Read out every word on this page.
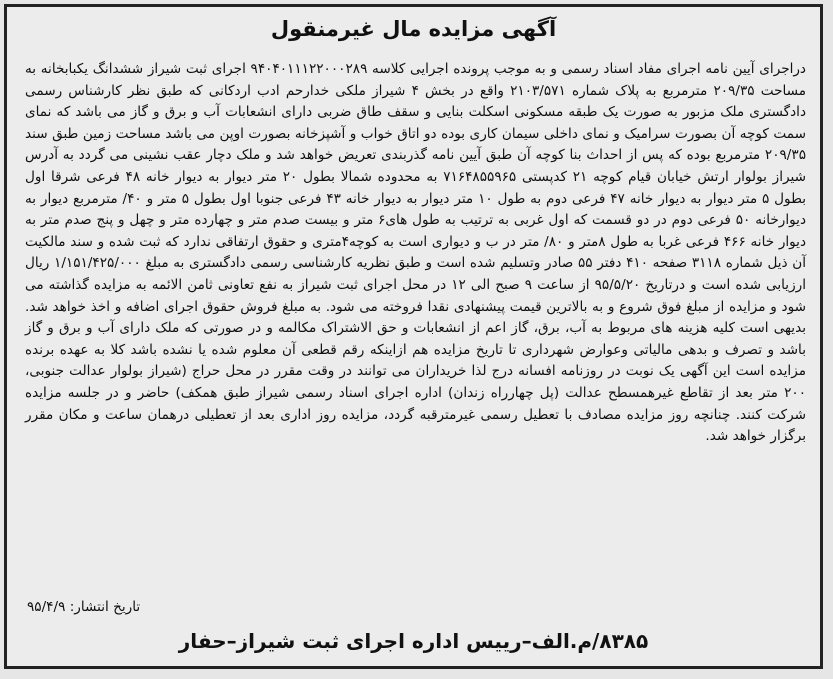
آگهی مزایده مال غیرمنقول

دراجرای آیین نامه اجرای مفاد اسناد رسمی و به موجب پرونده اجرایی کلاسه ۹۴۰۴۰۱۱۱۲۲۰۰۰۲۸۹ اجرای ثبت شیراز ششدانگ یکبابخانه به مساحت ۲۰۹/۳۵ مترمربع به پلاک شماره ۲۱۰۳/۵۷۱ واقع در بخش ۴ شیراز ملکی خدارحم ادب اردکانی که طبق نظر کارشناس رسمی دادگستری ملک مزبور به صورت یک طبقه مسکونی اسکلت بنایی و سقف طاق ضربی دارای انشعابات آب و برق و گاز می باشد که نمای سمت کوچه آن بصورت سرامیک و نمای داخلی سیمان کاری بوده دو اتاق خواب و آشپزخانه بصورت اوپن می باشد مساحت زمین طبق سند ۲۰۹/۳۵ مترمربع بوده که پس از احداث بنا کوچه آن طبق آیین نامه گذربندی تعریض خواهد شد و ملک دچار عقب نشینی می گردد به آدرس شیراز بولوار ارتش خیابان قیام کوچه ۲۱ کدپستی ۷۱۶۴۸۵۵۹۶۵ به محدوده شمالا بطول ۲۰ متر دیوار به دیوار خانه ۴۸ فرعی شرقا اول بطول ۵ متر دیوار به دیوار خانه ۴۷ فرعی دوم به طول ۱۰ متر دیوار به دیوار خانه ۴۳ فرعی جنوبا اول بطول ۵ متر و ۴۰/ مترمربع دیوار به دیوارخانه ۵۰ فرعی دوم در دو قسمت که اول غربی به ترتیب به طول های۶ متر و بیست صدم متر و چهارده متر و چهل و پنج صدم متر به دیوار خانه ۴۶۶ فرعی غربا به طول ۸متر و ۸۰/ متر در ب و دیواری است به کوچه۴متری و حقوق ارتفاقی ندارد که ثبت شده و سند مالکیت آن ذیل شماره ۳۱۱۸ صفحه ۴۱۰ دفتر ۵۵ صادر وتسلیم شده است و طبق نظریه کارشناسی رسمی دادگستری به مبلغ ۱/۱۵۱/۴۲۵/۰۰۰ ریال ارزیابی شده است و درتاریخ ۹۵/۵/۲۰ از ساعت ۹ صبح الی ۱۲ در محل اجرای ثبت شیراز به نفع تعاونی ثامن الائمه به مزایده گذاشته می شود و مزایده از مبلغ فوق شروع و به بالاترین قیمت پیشنهادی نقدا فروخته می شود. به مبلغ فروش حقوق اجرای اضافه و اخذ خواهد شد. بدیهی است کلیه هزینه های مربوط به آب، برق، گاز اعم از انشعابات و حق الاشتراک مکالمه و در صورتی که ملک دارای آب و برق و گاز باشد و تصرف و بدهی مالیاتی وعوارض شهرداری تا تاریخ مزایده هم ازاینکه رقم قطعی آن معلوم شده یا نشده باشد کلا به عهده برنده مزایده است این آگهی یک نوبت در روزنامه افسانه درج لذا خریداران می توانند در وقت مقرر در محل حراج (شیراز بولوار عدالت جنوبی، ۲۰۰ متر بعد از تقاطع غیرهمسطح عدالت (پل چهارراه زندان) اداره اجرای اسناد رسمی شیراز طبق همکف) حاضر و در جلسه مزایده شرکت کنند. چنانچه روز مزایده مصادف با تعطیل رسمی غیرمترقبه گردد، مزایده روز اداری بعد از تعطیلی درهمان ساعت و مکان مقرر برگزار خواهد شد.

تاریخ انتشار: ۹۵/۴/۹
۸۳۸۵/م.الف–رییس اداره اجرای ثبت شیراز–حفار
